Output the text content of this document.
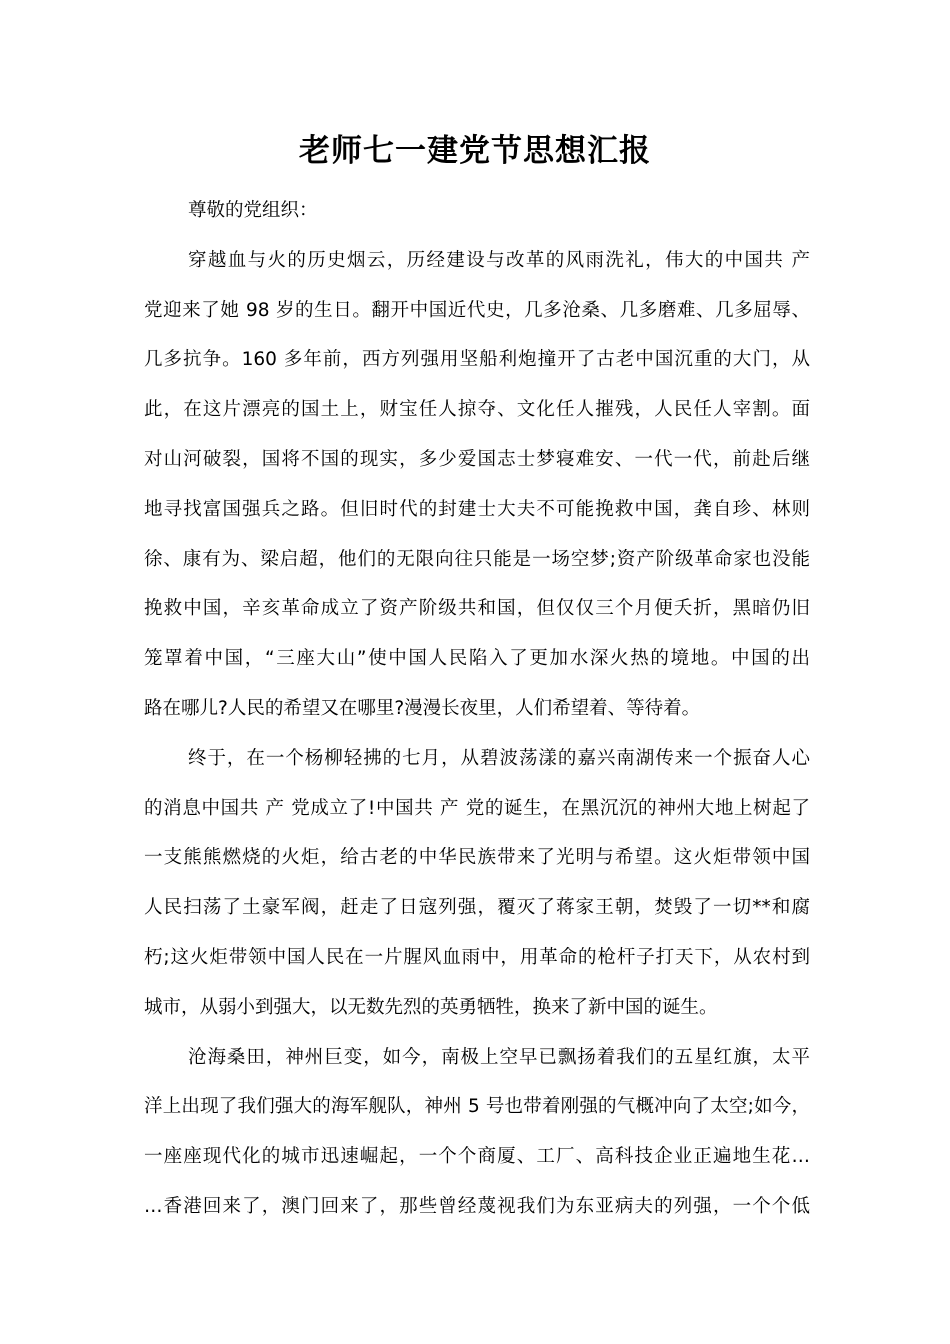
老师七一建党节思想汇报
尊敬的党组织：
穿越血与火的历史烟云，历经建设与改革的风雨洗礼，伟大的中国共 产
党迎来了她 98 岁的生日。翻开中国近代史，几多沧桑、几多磨难、几多屈辱、
几多抗争。160 多年前，西方列强用坚船利炮撞开了古老中国沉重的大门，从
此，在这片漂亮的国土上，财宝任人掠夺、文化任人摧残，人民任人宰割。面
对山河破裂，国将不国的现实，多少爱国志士梦寝难安、一代一代，前赴后继
地寻找富国强兵之路。但旧时代的封建士大夫不可能挽救中国，龚自珍、林则
徐、康有为、梁启超，他们的无限向往只能是一场空梦;资产阶级革命家也没能
挽救中国，辛亥革命成立了资产阶级共和国，但仅仅三个月便夭折，黑暗仍旧
笼罩着中国，“三座大山”使中国人民陷入了更加水深火热的境地。中国的出
路在哪儿?人民的希望又在哪里?漫漫长夜里，人们希望着、等待着。
终于，在一个杨柳轻拂的七月，从碧波荡漾的嘉兴南湖传来一个振奋人心
的消息中国共 产 党成立了!中国共 产 党的诞生，在黑沉沉的神州大地上树起了
一支熊熊燃烧的火炬，给古老的中华民族带来了光明与希望。这火炬带领中国
人民扫荡了土豪军阀，赶走了日寇列强，覆灭了蒋家王朝，焚毁了一切**和腐
朽;这火炬带领中国人民在一片腥风血雨中，用革命的枪杆子打天下，从农村到
城市，从弱小到强大，以无数先烈的英勇牺牲，换来了新中国的诞生。
沧海桑田，神州巨变，如今，南极上空早已飘扬着我们的五星红旗，太平
洋上出现了我们强大的海军舰队，神州 5 号也带着刚强的气概冲向了太空;如今，
一座座现代化的城市迅速崛起，一个个商厦、工厂、高科技企业正遍地生花…
…香港回来了，澳门回来了，那些曾经蔑视我们为东亚病夫的列强，一个个低
